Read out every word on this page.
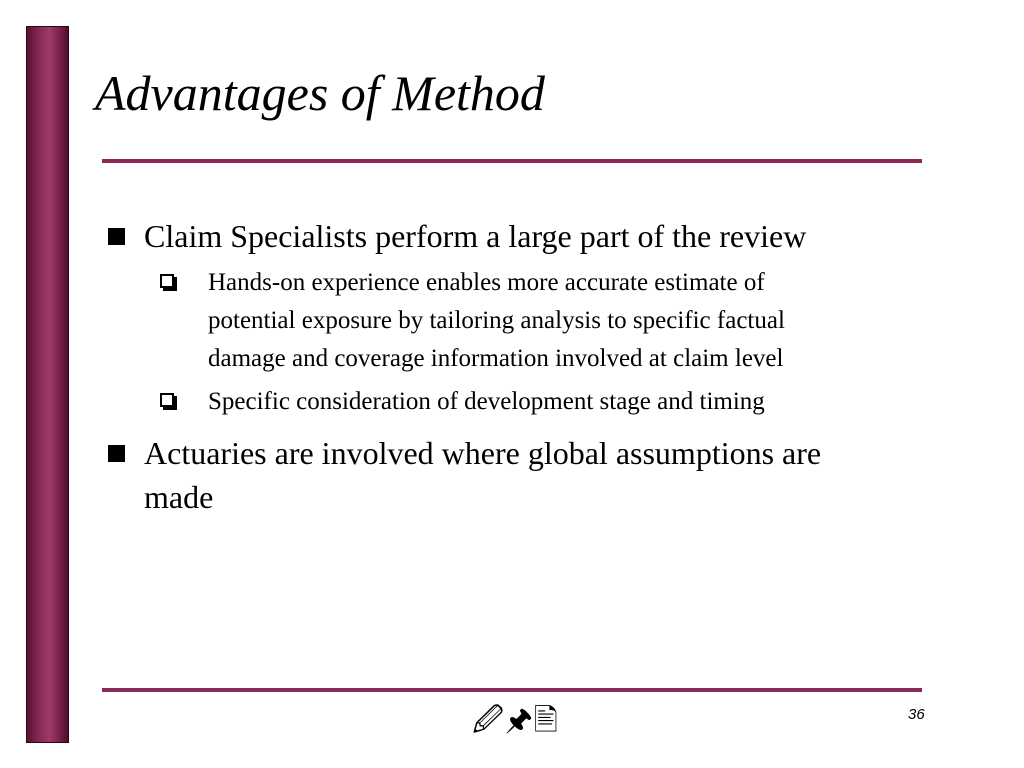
Advantages of Method
Claim Specialists perform a large part of the review
Hands-on experience enables more accurate estimate of
potential exposure by tailoring analysis to specific factual
damage and coverage information involved at claim level
Specific consideration of development stage and timing
Actuaries are involved where global assumptions are
made
🖉🖈🖹	36
